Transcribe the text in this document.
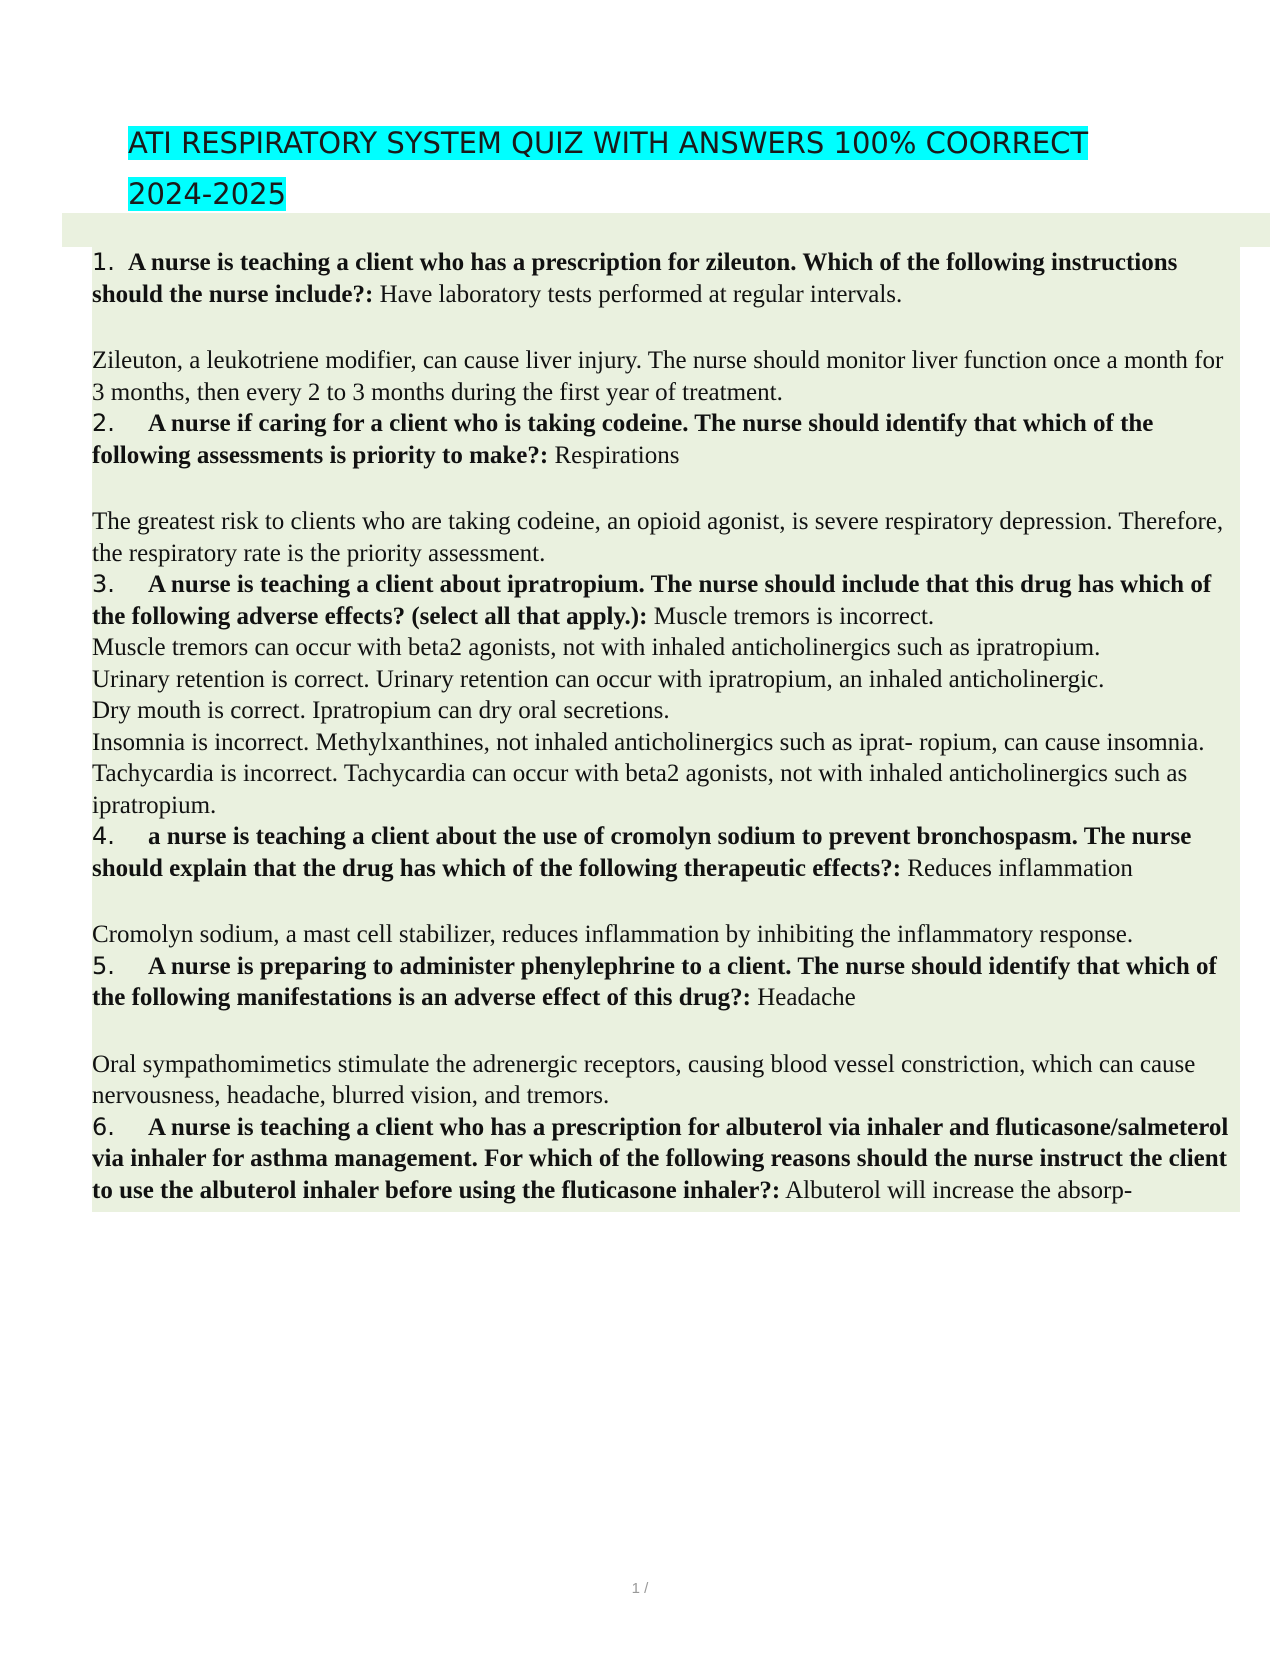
ATI RESPIRATORY SYSTEM QUIZ WITH ANSWERS 100% COORRECT
2024-2025
1. A nurse is teaching a client who has a prescription for zileuton. Which of the following instructions should the nurse include?: Have laboratory tests performed at regular intervals.
Zileuton, a leukotriene modifier, can cause liver injury. The nurse should monitor liver function once a month for 3 months, then every 2 to 3 months during the first year of treatment.
2. A nurse if caring for a client who is taking codeine. The nurse should identify that which of the following assessments is priority to make?: Respirations
The greatest risk to clients who are taking codeine, an opioid agonist, is severe respiratory depression. Therefore, the respiratory rate is the priority assessment.
3. A nurse is teaching a client about ipratropium. The nurse should include that this drug has which of the following adverse effects? (select all that apply.): Muscle tremors is incorrect.
Muscle tremors can occur with beta2 agonists, not with inhaled anticholinergics such as ipratropium.
Urinary retention is correct. Urinary retention can occur with ipratropium, an inhaled anticholinergic.
Dry mouth is correct. Ipratropium can dry oral secretions.
Insomnia is incorrect. Methylxanthines, not inhaled anticholinergics such as iprat- ropium, can cause insomnia.
Tachycardia is incorrect. Tachycardia can occur with beta2 agonists, not with inhaled anticholinergics such as ipratropium.
4. a nurse is teaching a client about the use of cromolyn sodium to prevent bronchospasm. The nurse should explain that the drug has which of the following therapeutic effects?: Reduces inflammation
Cromolyn sodium, a mast cell stabilizer, reduces inflammation by inhibiting the inflammatory response.
5. A nurse is preparing to administer phenylephrine to a client. The nurse should identify that which of the following manifestations is an adverse effect of this drug?: Headache
Oral sympathomimetics stimulate the adrenergic receptors, causing blood vessel constriction, which can cause nervousness, headache, blurred vision, and tremors.
6. A nurse is teaching a client who has a prescription for albuterol via inhaler and fluticasone/salmeterol via inhaler for asthma management. For which of the following reasons should the nurse instruct the client to use the albuterol inhaler before using the fluticasone inhaler?: Albuterol will increase the absorp-
1 /
